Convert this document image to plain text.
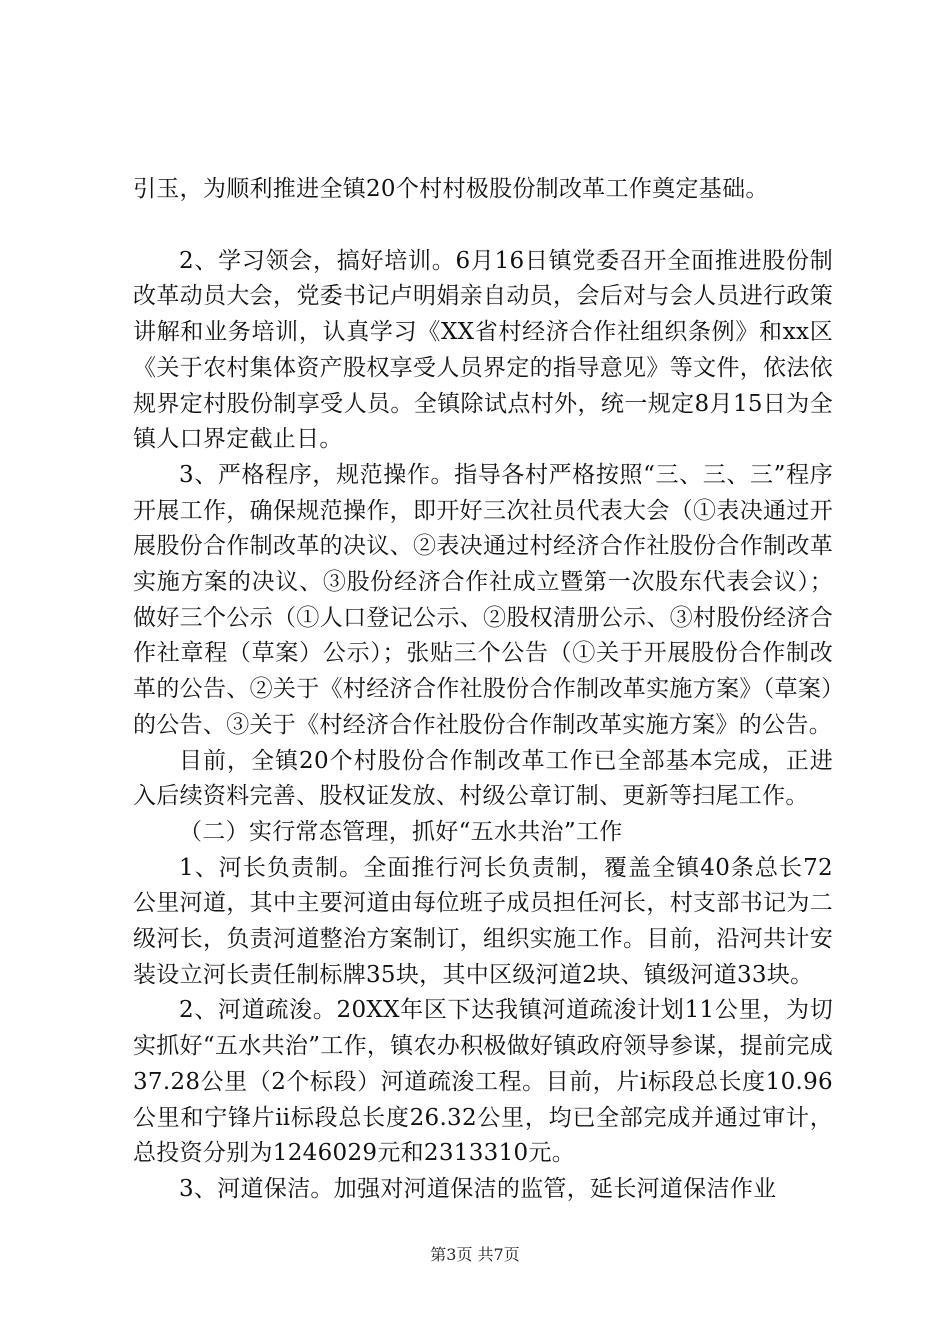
引玉，为顺利推进全镇20个村村极股份制改革工作奠定基础。

2、学习领会，搞好培训。6月16日镇党委召开全面推进股份制改革动员大会，党委书记卢明娟亲自动员，会后对与会人员进行政策讲解和业务培训，认真学习《XX省村经济合作社组织条例》和xx区《关于农村集体资产股权享受人员界定的指导意见》等文件，依法依规界定村股份制享受人员。全镇除试点村外，统一规定8月15日为全镇人口界定截止日。

3、严格程序，规范操作。指导各村严格按照“三、三、三”程序开展工作，确保规范操作，即开好三次社员代表大会（①表决通过开展股份合作制改革的决议、②表决通过村经济合作社股份合作制改革实施方案的决议、③股份经济合作社成立暨第一次股东代表会议）；做好三个公示（①人口登记公示、②股权清册公示、③村股份经济合作社章程（草案）公示）；张贴三个公告（①关于开展股份合作制改革的公告、②关于《村经济合作社股份合作制改革实施方案》（草案）的公告、③关于《村经济合作社股份合作制改革实施方案》的公告。

目前，全镇20个村股份合作制改革工作已全部基本完成，正进入后续资料完善、股权证发放、村级公章订制、更新等扫尾工作。

（二）实行常态管理，抓好“五水共治”工作

1、河长负责制。全面推行河长负责制，覆盖全镇40条总长72公里河道，其中主要河道由每位班子成员担任河长，村支部书记为二级河长，负责河道整治方案制订，组织实施工作。目前，沿河共计安装设立河长责任制标牌35块，其中区级河道2块、镇级河道33块。

2、河道疏浚。20XX年区下达我镇河道疏浚计划11公里，为切实抓好“五水共治”工作，镇农办积极做好镇政府领导参谋，提前完成37.28公里（2个标段）河道疏浚工程。目前，片ⅰ标段总长度10.96公里和宁锋片ⅱ标段总长度26.32公里，均已全部完成并通过审计，总投资分别为1246029元和2313310元。

3、河道保洁。加强对河道保洁的监管，延长河道保洁作业

第3页 共7页
